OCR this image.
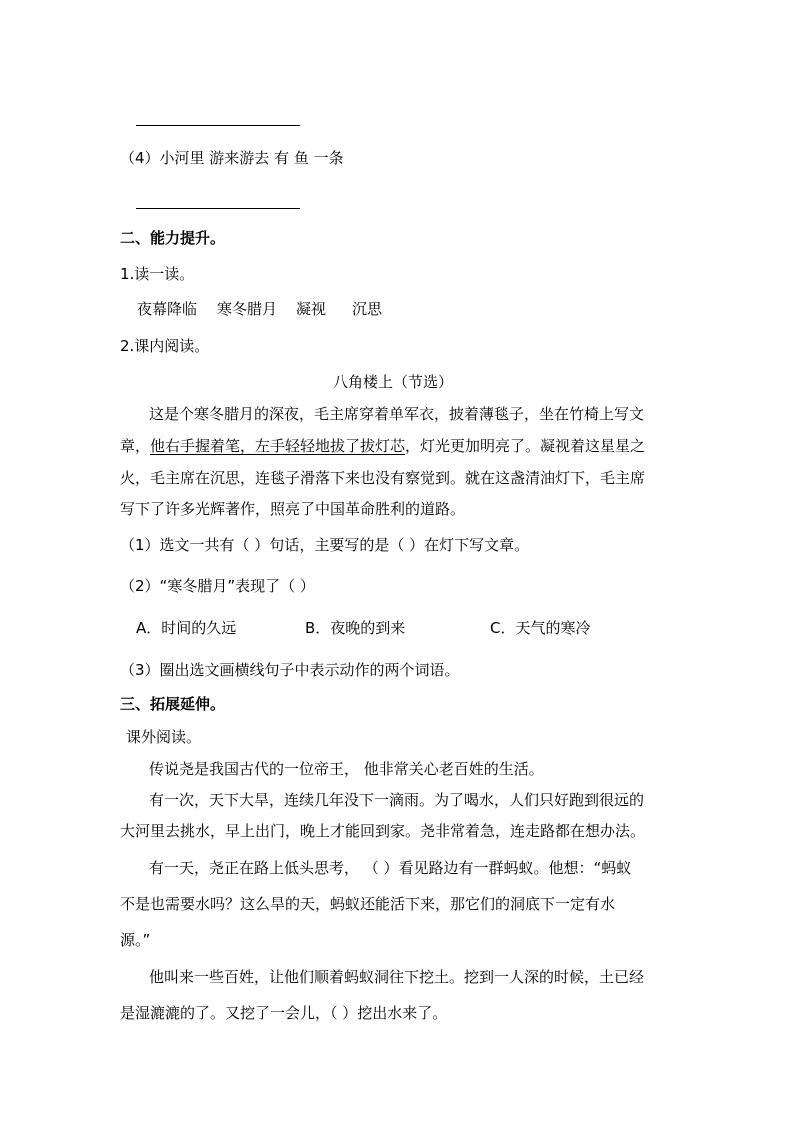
（4）小河里 游来游去 有 鱼 一条
二、能力提升。
1.读一读。
夜幕降临 寒冬腊月 凝视 沉思
2.课内阅读。
八角楼上（节选）
这是个寒冬腊月的深夜，毛主席穿着单军衣，披着薄毯子，坐在竹椅上写文
章，他右手握着笔，左手轻轻地拔了拔灯芯，灯光更加明亮了。凝视着这星星之
火，毛主席在沉思，连毯子滑落下来也没有察觉到。就在这盏清油灯下，毛主席
写下了许多光辉著作，照亮了中国革命胜利的道路。
（1）选文一共有（ ）句话，主要写的是（ ）在灯下写文章。
（2）“寒冬腊月”表现了（ ）
A．时间的久远	B．夜晚的到来	C．天气的寒冷
（3）圈出选文画横线句子中表示动作的两个词语。
三、拓展延伸。
课外阅读。
传说尧是我国古代的一位帝王， 他非常关心老百姓的生活。
有一次，天下大旱，连续几年没下一滴雨。为了喝水，人们只好跑到很远的
大河里去挑水，早上出门，晚上才能回到家。尧非常着急，连走路都在想办法。
有一天，尧正在路上低头思考， （ ）看见路边有一群蚂蚁。他想：“蚂蚁
不是也需要水吗？这么旱的天，蚂蚁还能活下来，那它们的洞底下一定有水
源。”
他叫来一些百姓，让他们顺着蚂蚁洞往下挖土。挖到一人深的时候，土已经
是湿漉漉的了。又挖了一会儿，（ ）挖出水来了。
